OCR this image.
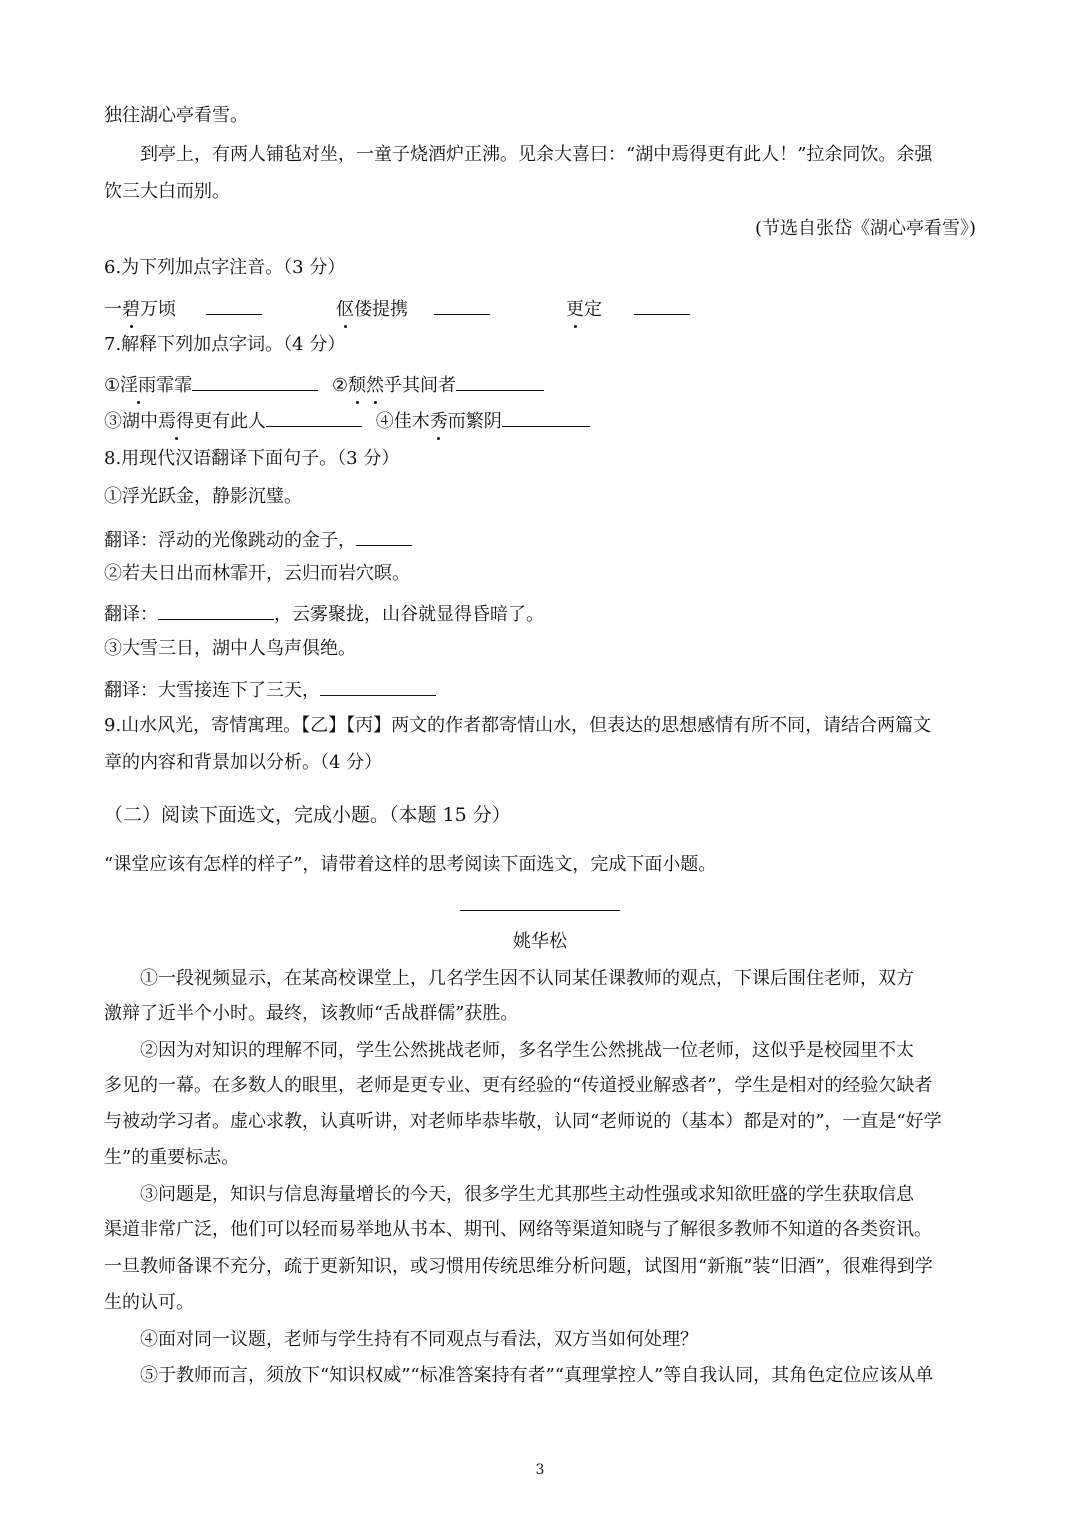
独往湖心亭看雪。
到亭上，有两人铺毡对坐，一童子烧酒炉正沸。见余大喜曰：“湖中焉得更有此人！”拉余同饮。余强
饮三大白而别。
(节选自张岱《湖心亭看雪》)
6.为下列加点字注音。（3 分）
一碧万顷	伛偻提携	更定
7.解释下列加点字词。（4 分）
①淫雨霏霏	②颓然乎其间者
③湖中焉得更有此人	④佳木秀而繁阴
8.用现代汉语翻译下面句子。（3 分）
①浮光跃金，静影沉璧。
翻译：浮动的光像跳动的金子，
②若夫日出而林霏开，云归而岩穴暝。
翻译：	，云雾聚拢，山谷就显得昏暗了。
③大雪三日，湖中人鸟声俱绝。
翻译：大雪接连下了三天，
9.山水风光，寄情寓理。【乙】【丙】两文的作者都寄情山水，但表达的思想感情有所不同，请结合两篇文
章的内容和背景加以分析。（4 分）
（二）阅读下面选文，完成小题。（本题 15 分）
“课堂应该有怎样的样子”，请带着这样的思考阅读下面选文，完成下面小题。
姚华松
①一段视频显示，在某高校课堂上，几名学生因不认同某任课教师的观点，下课后围住老师，双方
激辩了近半个小时。最终，该教师“舌战群儒”获胜。
②因为对知识的理解不同，学生公然挑战老师，多名学生公然挑战一位老师，这似乎是校园里不太
多见的一幕。在多数人的眼里，老师是更专业、更有经验的“传道授业解惑者”，学生是相对的经验欠缺者
与被动学习者。虚心求教，认真听讲，对老师毕恭毕敬，认同“老师说的（基本）都是对的”，一直是“好学
生”的重要标志。
③问题是，知识与信息海量增长的今天，很多学生尤其那些主动性强或求知欲旺盛的学生获取信息
渠道非常广泛，他们可以轻而易举地从书本、期刊、网络等渠道知晓与了解很多教师不知道的各类资讯。
一旦教师备课不充分，疏于更新知识，或习惯用传统思维分析问题，试图用“新瓶”装“旧酒”，很难得到学
生的认可。
④面对同一议题，老师与学生持有不同观点与看法，双方当如何处理？
⑤于教师而言，须放下“知识权威”“标准答案持有者”“真理掌控人”等自我认同，其角色定位应该从单
3
